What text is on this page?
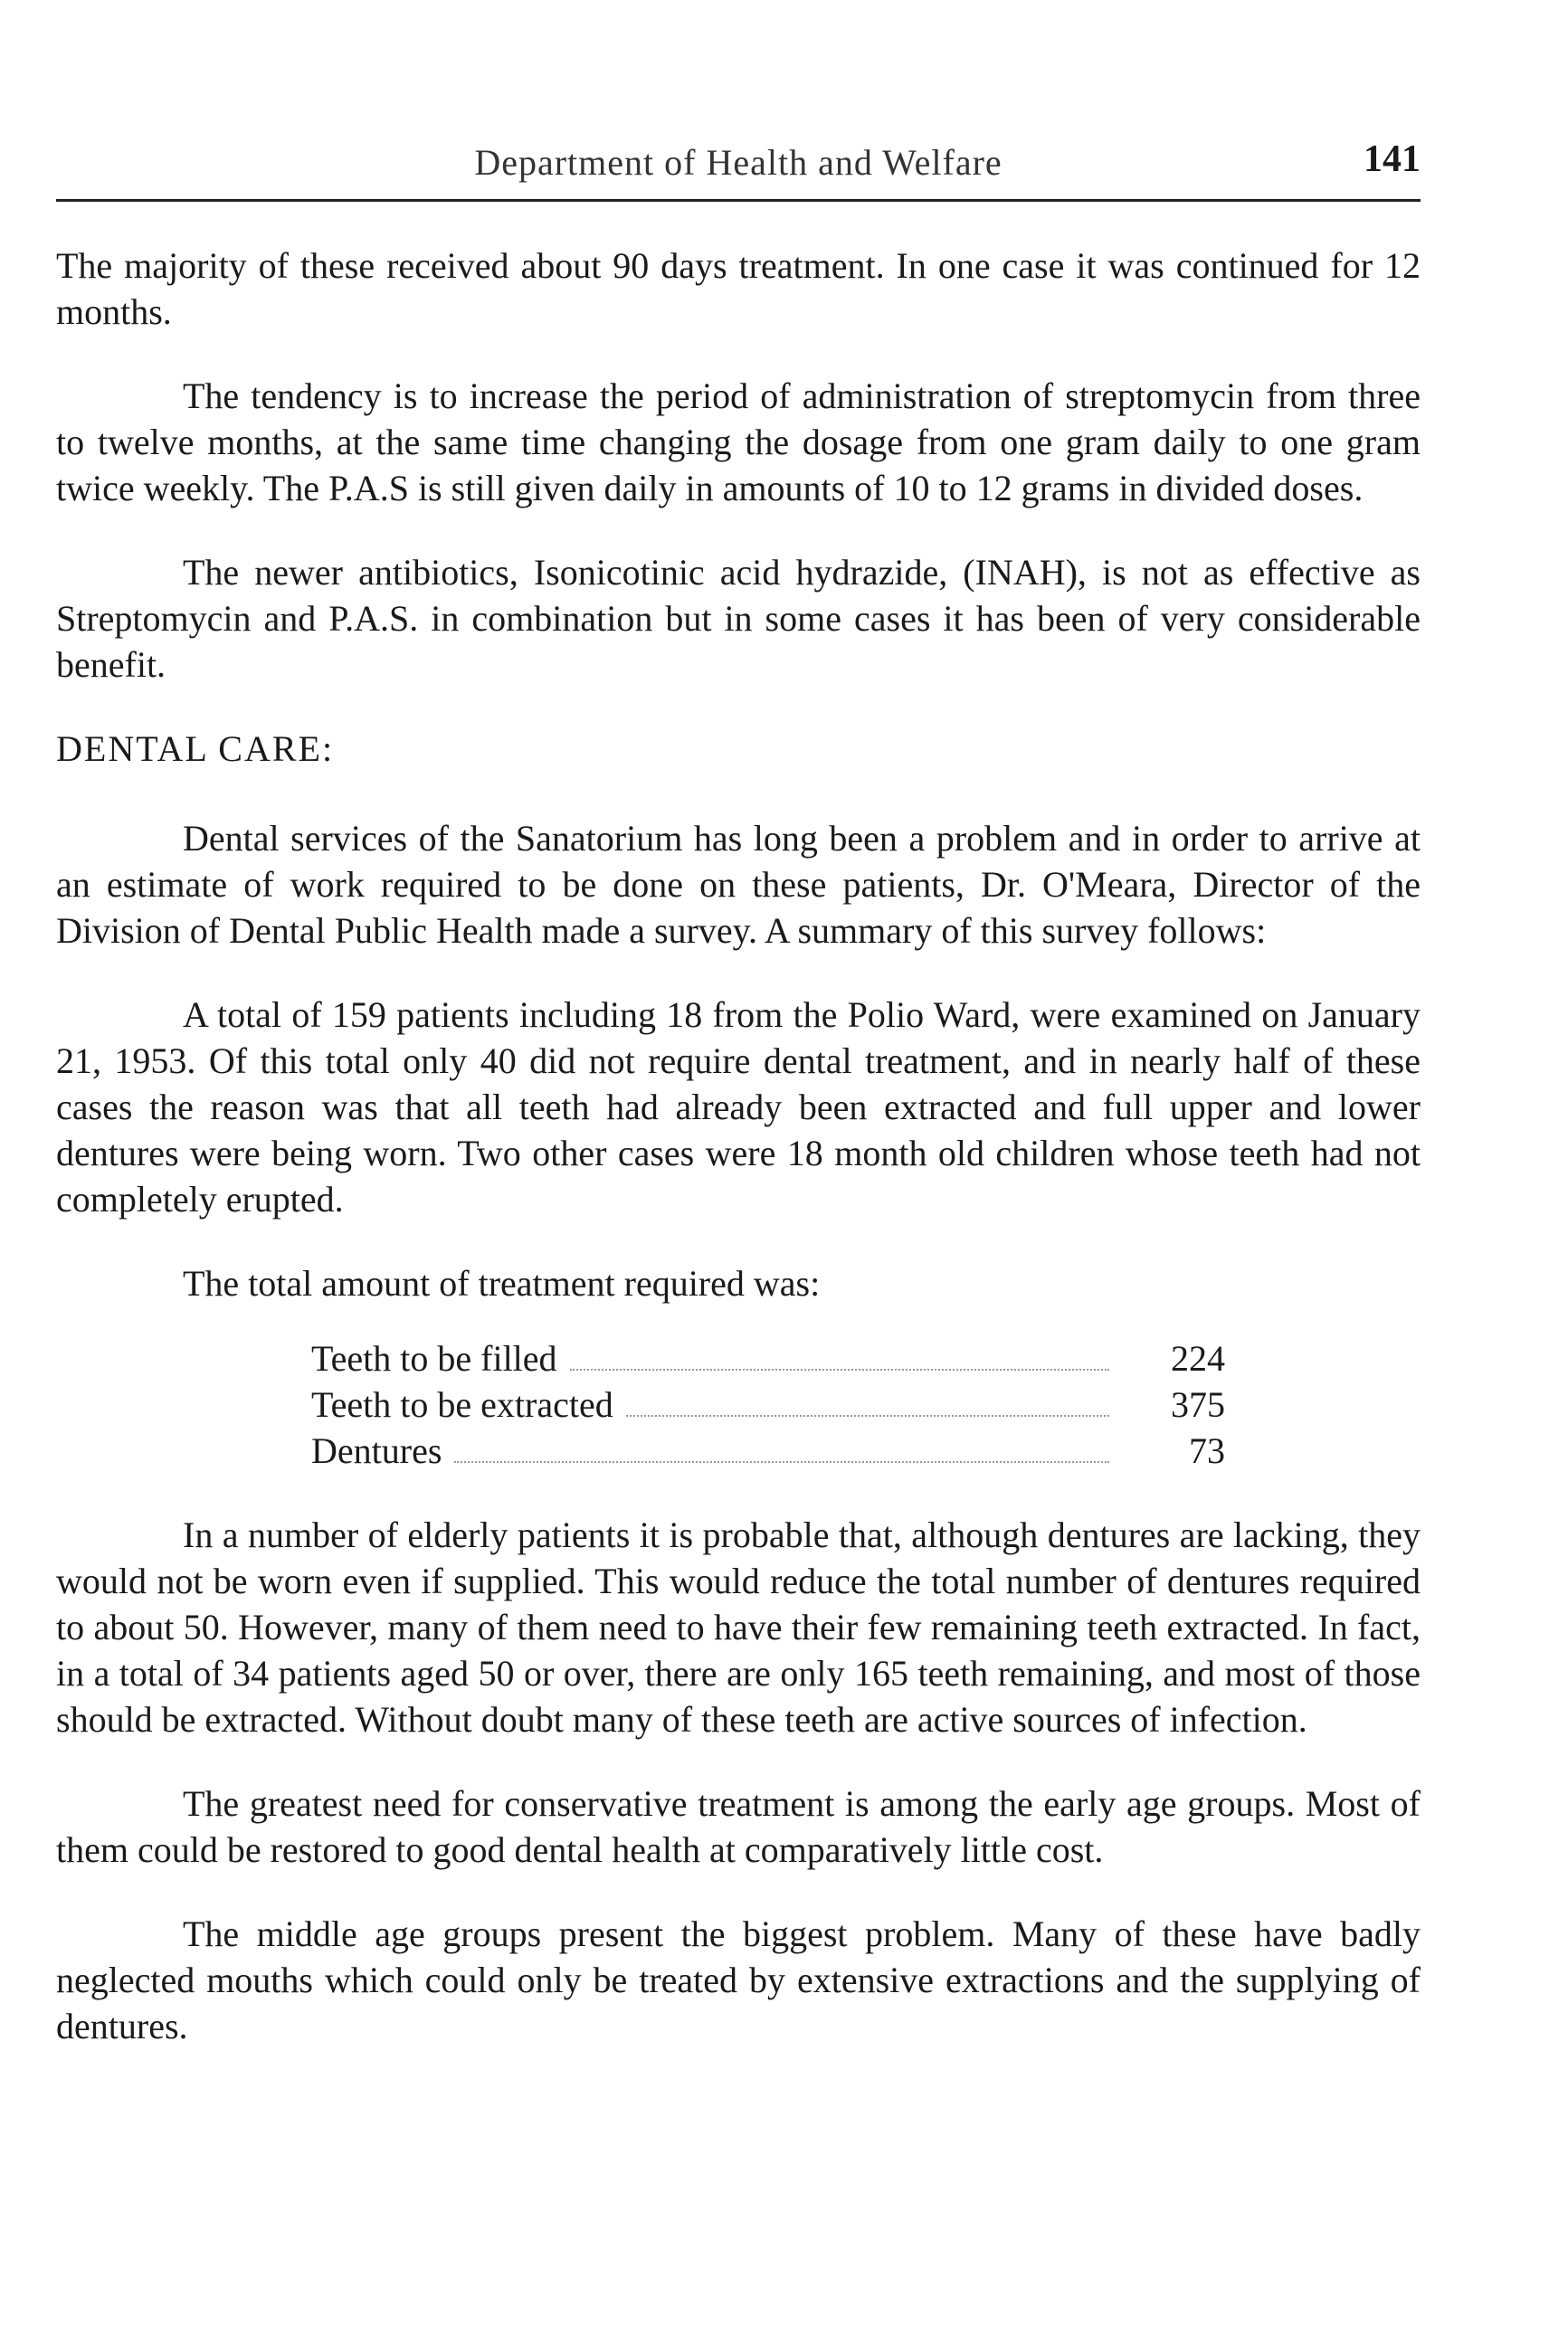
Department of Health and Welfare	141

The majority of these received about 90 days treatment. In one case it was continued for 12 months.

The tendency is to increase the period of administration of streptomycin from three to twelve months, at the same time changing the dosage from one gram daily to one gram twice weekly. The P.A.S is still given daily in amounts of 10 to 12 grams in divided doses.

The newer antibiotics, Isonicotinic acid hydrazide, (INAH), is not as effective as Streptomycin and P.A.S. in combination but in some cases it has been of very considerable benefit.

DENTAL CARE:

Dental services of the Sanatorium has long been a problem and in order to arrive at an estimate of work required to be done on these patients, Dr. O'Meara, Director of the Division of Dental Public Health made a survey. A summary of this survey follows:

A total of 159 patients including 18 from the Polio Ward, were examined on January 21, 1953. Of this total only 40 did not require dental treatment, and in nearly half of these cases the reason was that all teeth had already been extracted and full upper and lower dentures were being worn. Two other cases were 18 month old children whose teeth had not completely erupted.

The total amount of treatment required was:

Teeth to be filled	224
Teeth to be extracted	375
Dentures	73

In a number of elderly patients it is probable that, although dentures are lacking, they would not be worn even if supplied. This would reduce the total number of dentures required to about 50. However, many of them need to have their few remaining teeth extracted. In fact, in a total of 34 patients aged 50 or over, there are only 165 teeth remaining, and most of those should be extracted. Without doubt many of these teeth are active sources of infection.

The greatest need for conservative treatment is among the early age groups. Most of them could be restored to good dental health at comparatively little cost.

The middle age groups present the biggest problem. Many of these have badly neglected mouths which could only be treated by extensive extractions and the supplying of dentures.
